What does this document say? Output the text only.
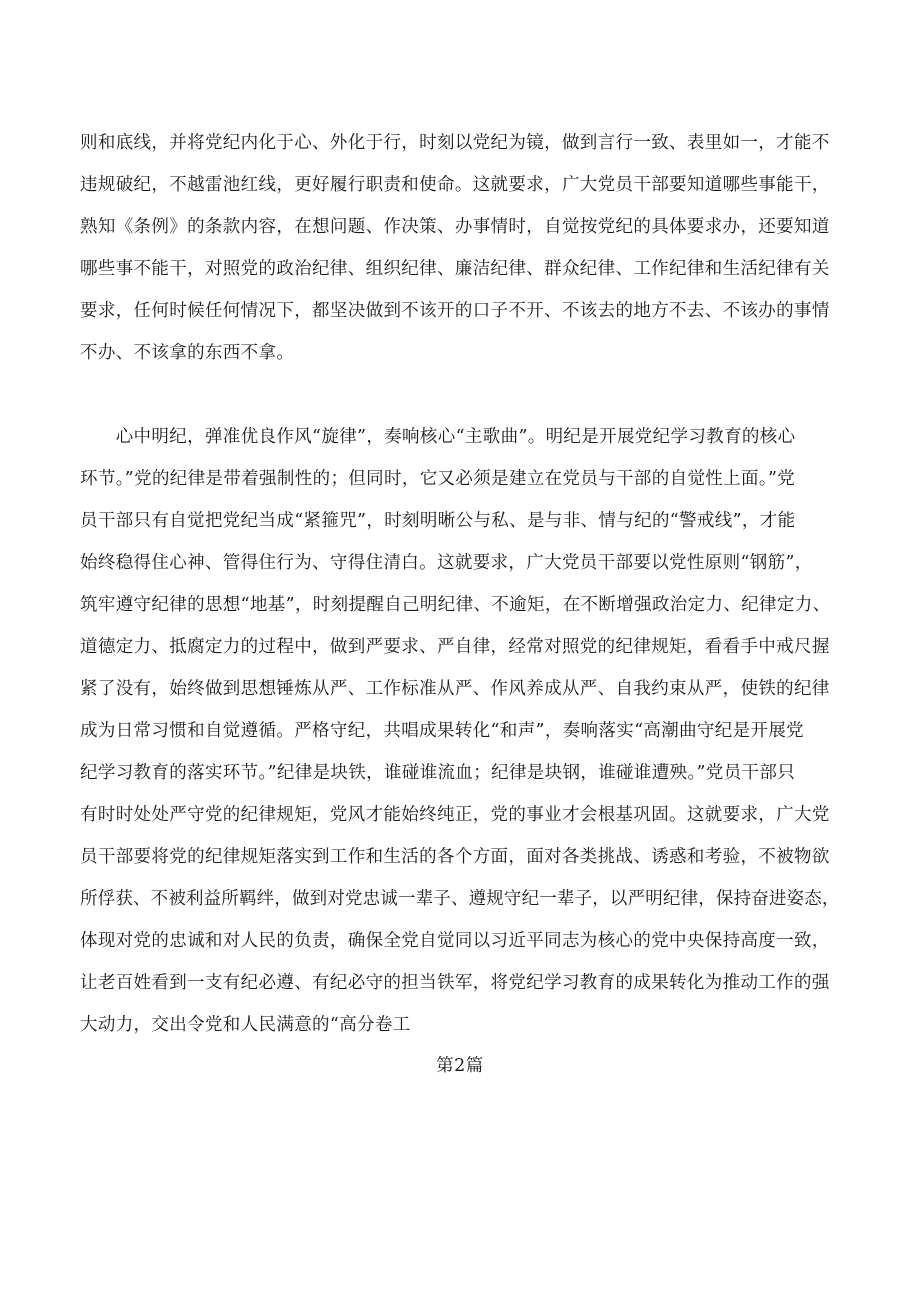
则和底线，并将党纪内化于心、外化于行，时刻以党纪为镜，做到言行一致、表里如一，才能不
违规破纪，不越雷池红线，更好履行职责和使命。这就要求，广大党员干部要知道哪些事能干，
熟知《条例》的条款内容，在想问题、作决策、办事情时，自觉按党纪的具体要求办，还要知道
哪些事不能干，对照党的政治纪律、组织纪律、廉洁纪律、群众纪律、工作纪律和生活纪律有关
要求，任何时候任何情况下，都坚决做到不该开的口子不开、不该去的地方不去、不该办的事情
不办、不该拿的东西不拿。
　　心中明纪，弹准优良作风“旋律”，奏响核心“主歌曲”。明纪是开展党纪学习教育的核心
环节。”党的纪律是带着强制性的；但同时，它又必须是建立在党员与干部的自觉性上面。”党
员干部只有自觉把党纪当成“紧箍咒”，时刻明晰公与私、是与非、情与纪的“警戒线”，才能
始终稳得住心神、管得住行为、守得住清白。这就要求，广大党员干部要以党性原则“钢筋”，
筑牢遵守纪律的思想“地基”，时刻提醒自己明纪律、不逾矩，在不断增强政治定力、纪律定力、
道德定力、抵腐定力的过程中，做到严要求、严自律，经常对照党的纪律规矩，看看手中戒尺握
紧了没有，始终做到思想锤炼从严、工作标准从严、作风养成从严、自我约束从严，使铁的纪律
成为日常习惯和自觉遵循。严格守纪，共唱成果转化“和声”，奏响落实“高潮曲守纪是开展党
纪学习教育的落实环节。”纪律是块铁，谁碰谁流血；纪律是块钢，谁碰谁遭殃。”党员干部只
有时时处处严守党的纪律规矩，党风才能始终纯正，党的事业才会根基巩固。这就要求，广大党
员干部要将党的纪律规矩落实到工作和生活的各个方面，面对各类挑战、诱惑和考验，不被物欲
所俘获、不被利益所羁绊，做到对党忠诚一辈子、遵规守纪一辈子，以严明纪律，保持奋进姿态，
体现对党的忠诚和对人民的负责，确保全党自觉同以习近平同志为核心的党中央保持高度一致，
让老百姓看到一支有纪必遵、有纪必守的担当铁军，将党纪学习教育的成果转化为推动工作的强
大动力，交出令党和人民满意的“高分卷工
第2篇
